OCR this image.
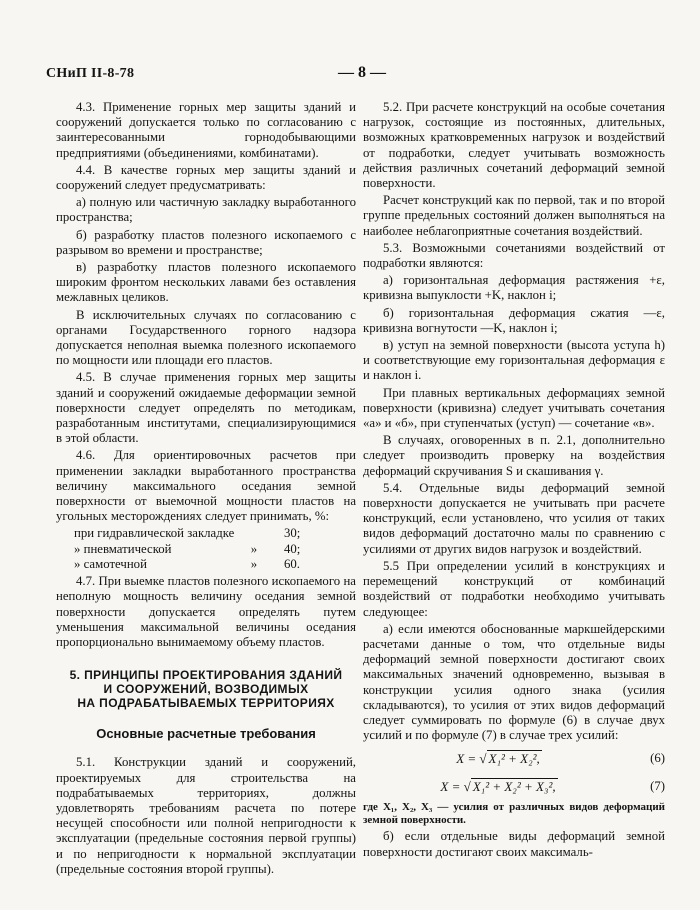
СНиП II-8-78	— 8 —

4.3. Применение горных мер защиты зданий и сооружений допускается только по согласованию с заинтересованными горнодобывающими предприятиями (объединениями, комбинатами).

4.4. В качестве горных мер защиты зданий и сооружений следует предусматривать:

а) полную или частичную закладку выработанного пространства;

б) разработку пластов полезного ископаемого с разрывом во времени и пространстве;

в) разработку пластов полезного ископаемого широким фронтом нескольких лавами без оставления межлавных целиков.

В исключительных случаях по согласованию с органами Государственного горного надзора допускается неполная выемка полезного ископаемого по мощности или площади его пластов.

4.5. В случае применения горных мер защиты зданий и сооружений ожидаемые деформации земной поверхности следует определять по методикам, разработанным институтами, специализирующимися в этой области.

4.6. Для ориентировочных расчетов при применении закладки выработанного пространства величину максимального оседания земной поверхности от выемочной мощности пластов на угольных месторождениях следует принимать, %:

при гидравлической закладке	30;
» пневматической	»	40;
» самотечной	»	60.

4.7. При выемке пластов полезного ископаемого на неполную мощность величину оседания земной поверхности допускается определять путем уменьшения максимальной величины оседания пропорционально вынимаемому объему пластов.

5. ПРИНЦИПЫ ПРОЕКТИРОВАНИЯ ЗДАНИЙ
И СООРУЖЕНИЙ, ВОЗВОДИМЫХ
НА ПОДРАБАТЫВАЕМЫХ ТЕРРИТОРИЯХ
Основные расчетные требования

5.1. Конструкции зданий и сооружений, проектируемых для строительства на подрабатываемых территориях, должны удовлетворять требованиям расчета по потере несущей способности или полной непригодности к эксплуатации (предельные состояния первой группы) и по непригодности к нормальной эксплуатации (предельные состояния второй группы).

5.2. При расчете конструкций на особые сочетания нагрузок, состоящие из постоянных, длительных, возможных кратковременных нагрузок и воздействий от подработки, следует учитывать возможность действия различных сочетаний деформаций земной поверхности.

Расчет конструкций как по первой, так и по второй группе предельных состояний должен выполняться на наиболее неблагоприятные сочетания воздействий.

5.3. Возможными сочетаниями воздействий от подработки являются:

а) горизонтальная деформация растяжения +ε, кривизна выпуклости +K, наклон i;

б) горизонтальная деформация сжатия —ε, кривизна вогнутости —K, наклон i;

в) уступ на земной поверхности (высота уступа h) и соответствующие ему горизонтальная деформация ε и наклон i.

При плавных вертикальных деформациях земной поверхности (кривизна) следует учитывать сочетания «а» и «б», при ступенчатых (уступ) — сочетание «в».

В случаях, оговоренных в п. 2.1, дополнительно следует производить проверку на воздействия деформаций скручивания S и скашивания γ.

5.4. Отдельные виды деформаций земной поверхности допускается не учитывать при расчете конструкций, если установлено, что усилия от таких видов деформаций достаточно малы по сравнению с усилиями от других видов нагрузок и воздействий.

5.5 При определении усилий в конструкциях и перемещений конструкций от комбинаций воздействий от подработки необходимо учитывать следующее:

а) если имеются обоснованные маркшейдерскими расчетами данные о том, что отдельные виды деформаций земной поверхности достигают своих максимальных значений одновременно, вызывая в конструкции усилия одного знака (усилия складываются), то усилия от этих видов деформаций следует суммировать по формуле (6) в случае двух усилий и по формуле (7) в случае трех усилий:

X = √ X₁² + X₂²,	(6)
X = √ X₁² + X₂² + X₃²,	(7)

где X₁, X₂, X₃ — усилия от различных видов деформаций земной поверхности.

б) если отдельные виды деформаций земной поверхности достигают своих максималь-
